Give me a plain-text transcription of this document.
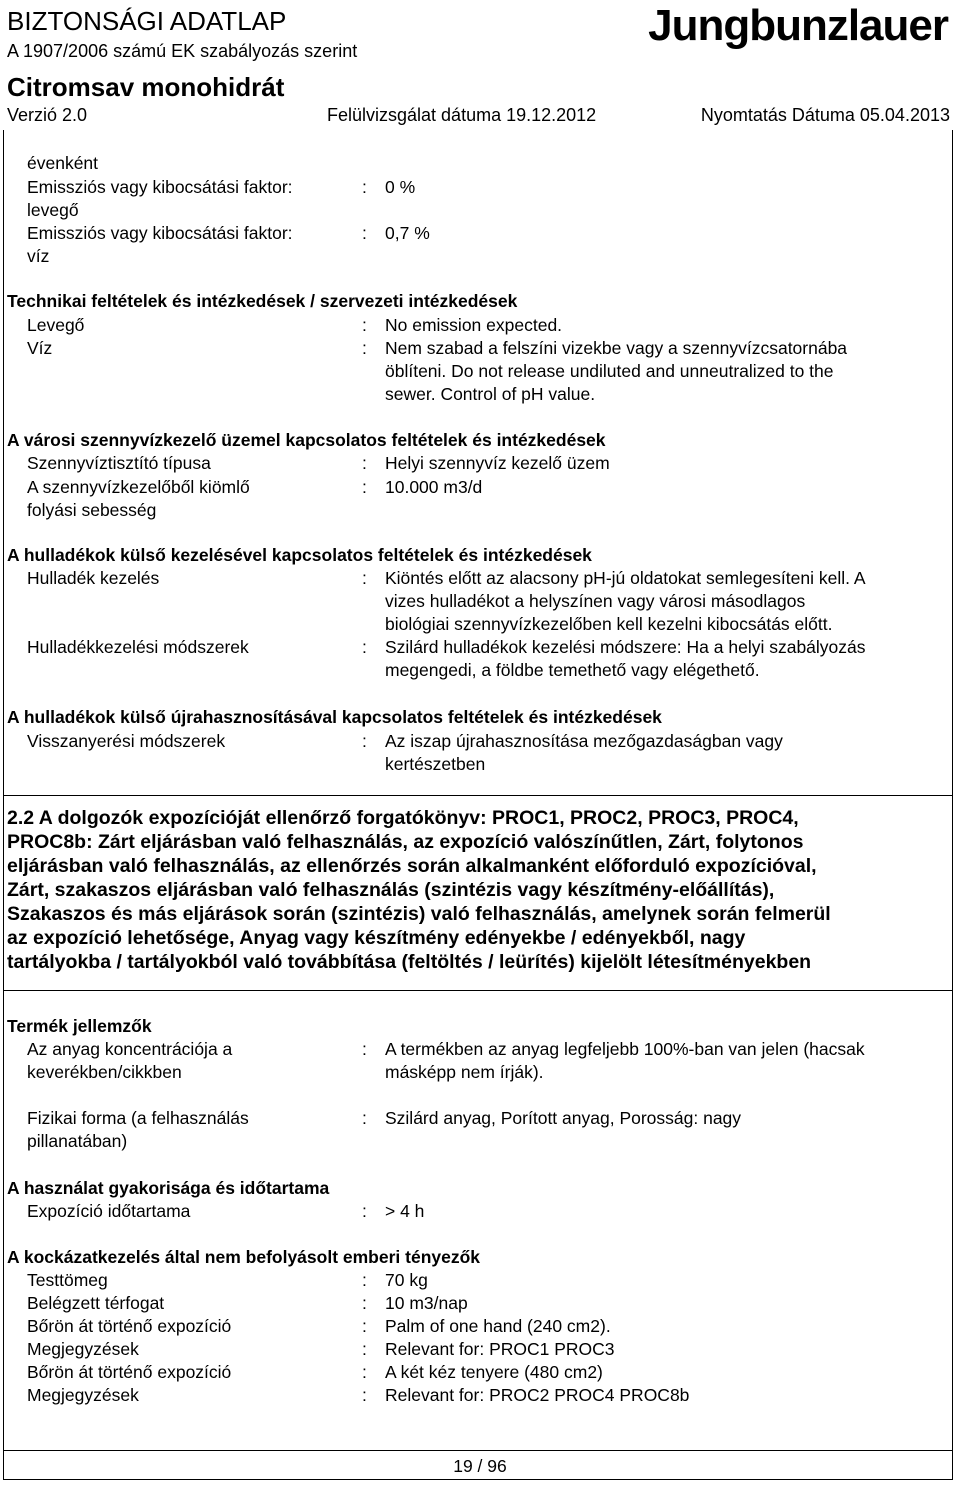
BIZTONSÁGI ADATLAP
A 1907/2006 számú EK szabályozás szerint
Jungbunzlauer
Citromsav monohidrát
Verzió 2.0	Felülvizsgálat dátuma 19.12.2012	Nyomtatás Dátuma 05.04.2013
évenként
Emissziós vagy kibocsátási faktor:	: 0 %
levegő
Emissziós vagy kibocsátási faktor:	: 0,7 %
víz
Technikai feltételek és intézkedések / szervezeti intézkedések
Levegő	: No emission expected.
Víz	: Nem szabad a felszíni vizekbe vagy a szennyvízcsatornába
öblíteni. Do not release undiluted and unneutralized to the
sewer. Control of pH value.
A városi szennyvízkezelő üzemel kapcsolatos feltételek és intézkedések
Szennyvíztisztító típusa	: Helyi szennyvíz kezelő üzem
A szennyvízkezelőből kiömlő	: 10.000 m3/d
folyási sebesség
A hulladékok külső kezelésével kapcsolatos feltételek és intézkedések
Hulladék kezelés	: Kiöntés előtt az alacsony pH-jú oldatokat semlegesíteni kell. A
vizes hulladékot a helyszínen vagy városi másodlagos
biológiai szennyvízkezelőben kell kezelni kibocsátás előtt.
Hulladékkezelési módszerek	: Szilárd hulladékok kezelési módszere: Ha a helyi szabályozás
megengedi, a földbe temethető vagy elégethető.
A hulladékok külső újrahasznosításával kapcsolatos feltételek és intézkedések
Visszanyerési módszerek	: Az iszap újrahasznosítása mezőgazdaságban vagy
kertészetben
2.2 A dolgozók expozícióját ellenőrző forgatókönyv: PROC1, PROC2, PROC3, PROC4,
PROC8b: Zárt eljárásban való felhasználás, az expozíció valószínűtlen, Zárt, folytonos
eljárásban való felhasználás, az ellenőrzés során alkalmanként előforduló expozícióval,
Zárt, szakaszos eljárásban való felhasználás (szintézis vagy készítmény-előállítás),
Szakaszos és más eljárások során (szintézis) való felhasználás, amelynek során felmerül
az expozíció lehetősége, Anyag vagy készítmény edényekbe / edényekből, nagy
tartályokba / tartályokból való továbbítása (feltöltés / leürítés) kijelölt létesítményekben
Termék jellemzők
Az anyag koncentrációja a	: A termékben az anyag legfeljebb 100%-ban van jelen (hacsak
keverékben/cikkben	másképp nem írják).
Fizikai forma (a felhasználás	: Szilárd anyag, Porított anyag, Porosság: nagy
pillanatában)
A használat gyakorisága és időtartama
Expozíció időtartama	: > 4 h
A kockázatkezelés által nem befolyásolt emberi tényezők
Testtömeg	: 70 kg
Belégzett térfogat	: 10 m3/nap
Bőrön át történő expozíció	: Palm of one hand (240 cm2).
Megjegyzések	: Relevant for: PROC1 PROC3
Bőrön át történő expozíció	: A két kéz tenyere (480 cm2)
Megjegyzések	: Relevant for: PROC2 PROC4 PROC8b
19 / 96
